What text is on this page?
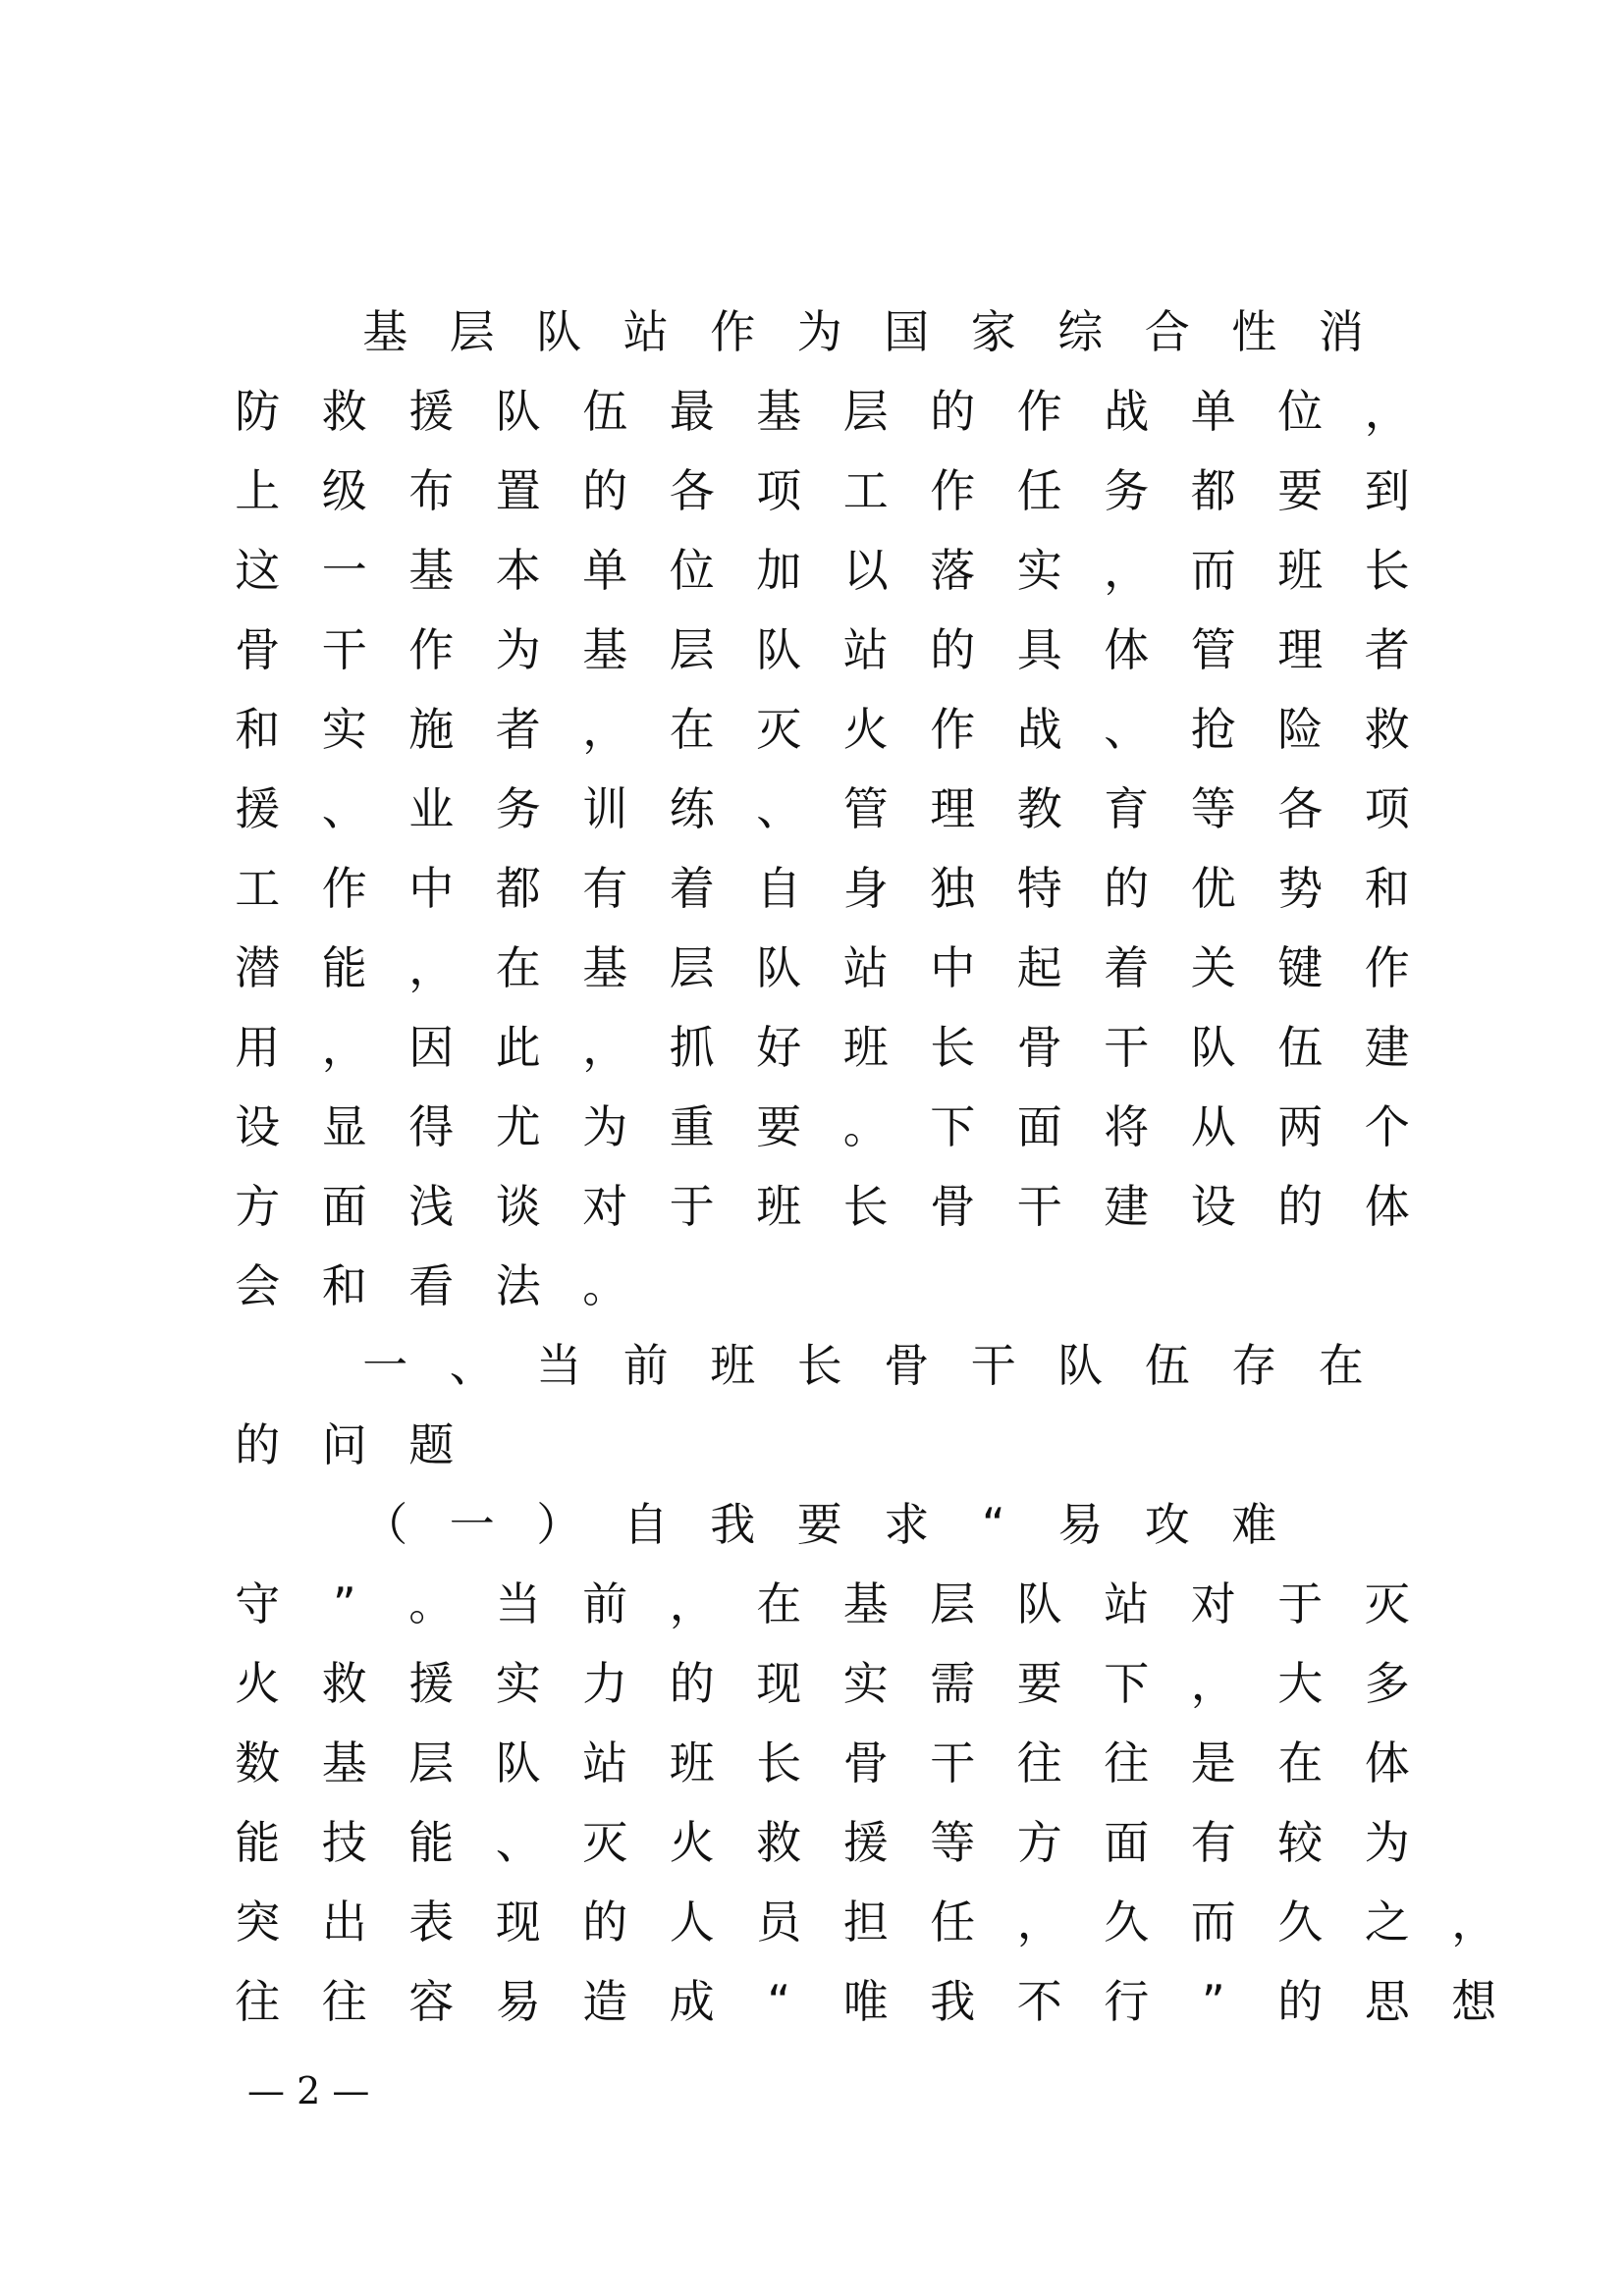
基 层 队 站 作 为 国 家 综 合 性 消
防 救 援 队 伍 最 基 层 的 作 战 单 位 ，
上 级 布 置 的 各 项 工 作 任 务 都 要 到
这 一 基 本 单 位 加 以 落 实 ， 而 班 长
骨 干 作 为 基 层 队 站 的 具 体 管 理 者
和 实 施 者 ， 在 灭 火 作 战 、 抢 险 救
援 、 业 务 训 练 、 管 理 教 育 等 各 项
工 作 中 都 有 着 自 身 独 特 的 优 势 和
潜 能 ， 在 基 层 队 站 中 起 着 关 键 作
用 ， 因 此 ， 抓 好 班 长 骨 干 队 伍 建
设 显 得 尤 为 重 要 。 下 面 将 从 两 个
方 面 浅 谈 对 于 班 长 骨 干 建 设 的 体
会 和 看 法 。
一 、 当 前 班 长 骨 干 队 伍 存 在
的 问 题
（ 一 ） 自 我 要 求	“	易 攻 难
守	”	。 当 前 ， 在 基 层 队 站 对 于 灭
火 救 援 实 力 的 现 实 需 要 下 ， 大 多
数 基 层 队 站 班 长 骨 干 往 往 是 在 体
能 技 能 、 灭 火 救 援 等 方 面 有 较 为
突 出 表 现 的 人 员 担 任 ， 久 而 久 之 ，
往 往 容 易 造 成	“	唯 我 不 行	”	的 思 想
— 2 —
